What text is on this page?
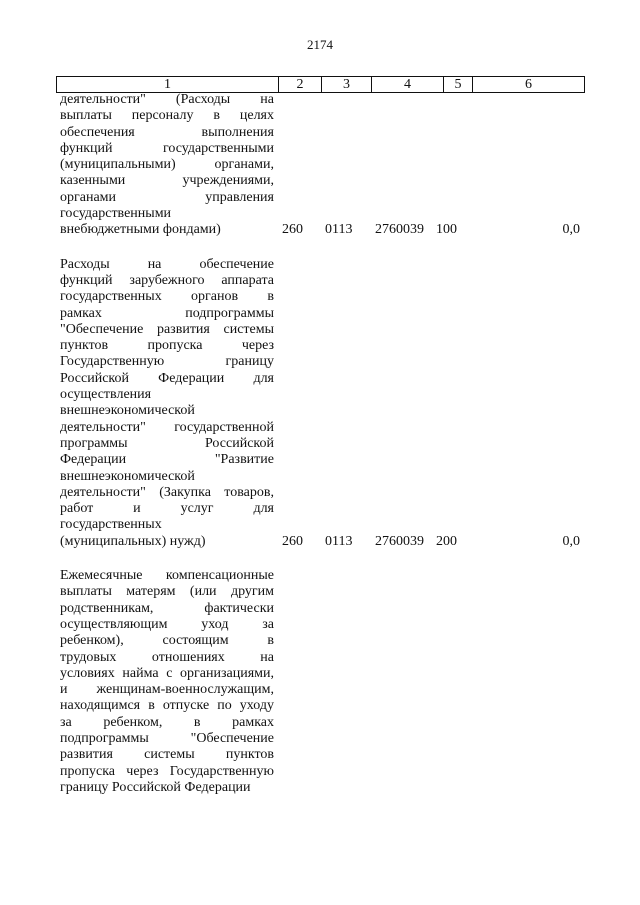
2174
1	2	3	4	5	6
деятельности" (Расходы на
выплаты персоналу в целях
обеспечения выполнения
функций государственными
(муниципальными) органами,
казенными учреждениями,
органами управления
государственными
внебюджетными фондами)	260 0113 2760039 100	0,0
Расходы на обеспечение
функций зарубежного аппарата
государственных органов в
рамках подпрограммы
"Обеспечение развития системы
пунктов пропуска через
Государственную границу
Российской Федерации для
осуществления
внешнеэкономической
деятельности" государственной
программы Российской
Федерации "Развитие
внешнеэкономической
деятельности" (Закупка товаров,
работ и услуг для
государственных
(муниципальных) нужд)	260 0113 2760039 200	0,0
Ежемесячные компенсационные
выплаты матерям (или другим
родственникам, фактически
осуществляющим уход за
ребенком), состоящим в
трудовых отношениях на
условиях найма с организациями,
и женщинам-военнослужащим,
находящимся в отпуске по уходу
за ребенком, в рамках
подпрограммы "Обеспечение
развития системы пунктов
пропуска через Государственную
границу Российской Федерации
